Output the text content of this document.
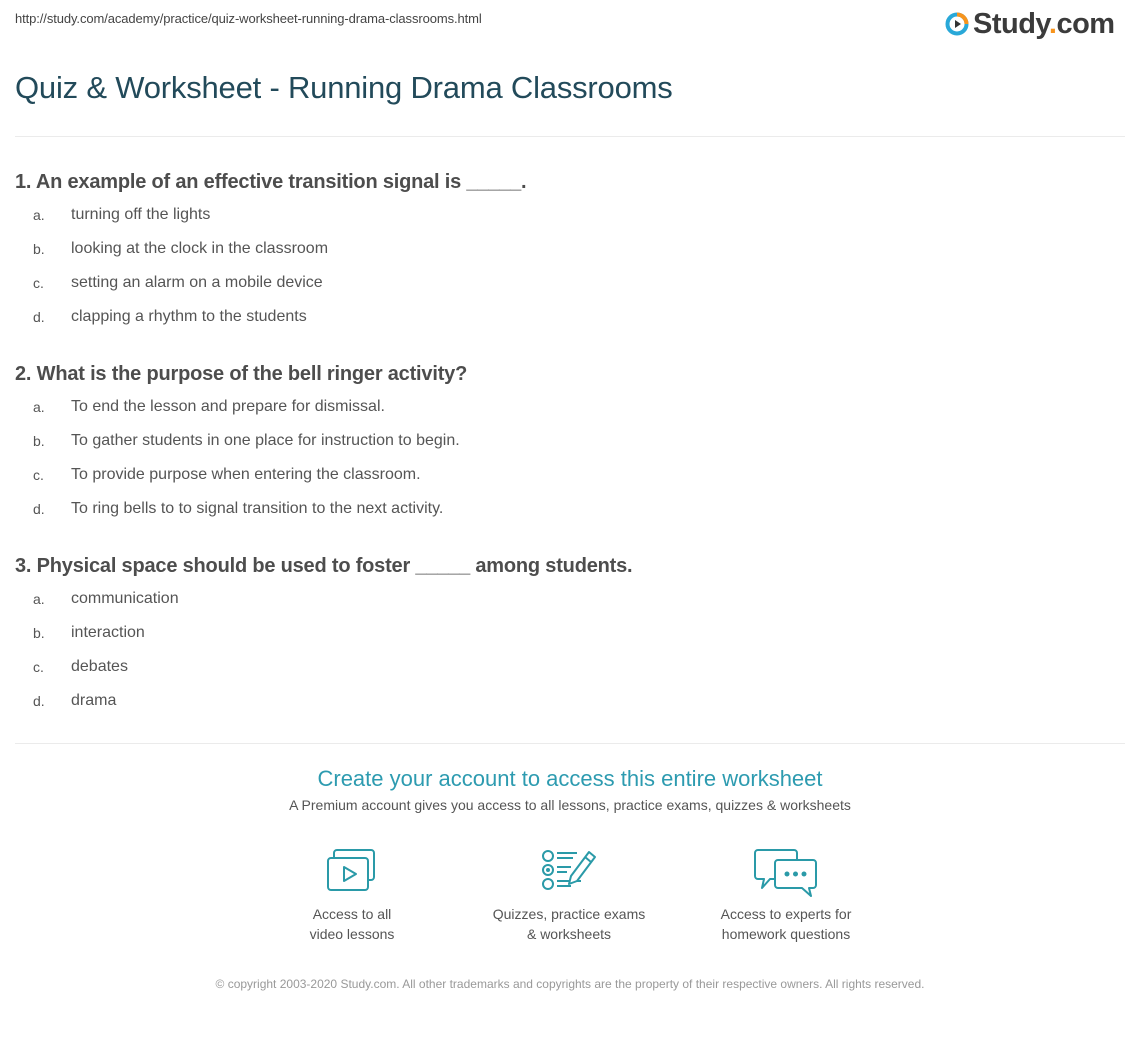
http://study.com/academy/practice/quiz-worksheet-running-drama-classrooms.html	Study.com
Quiz & Worksheet - Running Drama Classrooms
1. An example of an effective transition signal is _____.
a.	turning off the lights
b.	looking at the clock in the classroom
c.	setting an alarm on a mobile device
d.	clapping a rhythm to the students
2. What is the purpose of the bell ringer activity?
a.	To end the lesson and prepare for dismissal.
b.	To gather students in one place for instruction to begin.
c.	To provide purpose when entering the classroom.
d.	To ring bells to to signal transition to the next activity.
3. Physical space should be used to foster _____ among students.
a.	communication
b.	interaction
c.	debates
d.	drama
Create your account to access this entire worksheet
A Premium account gives you access to all lessons, practice exams, quizzes & worksheets
Access to all
video lessons
Quizzes, practice exams
& worksheets
Access to experts for
homework questions
© copyright 2003-2020 Study.com. All other trademarks and copyrights are the property of their respective owners. All rights reserved.
